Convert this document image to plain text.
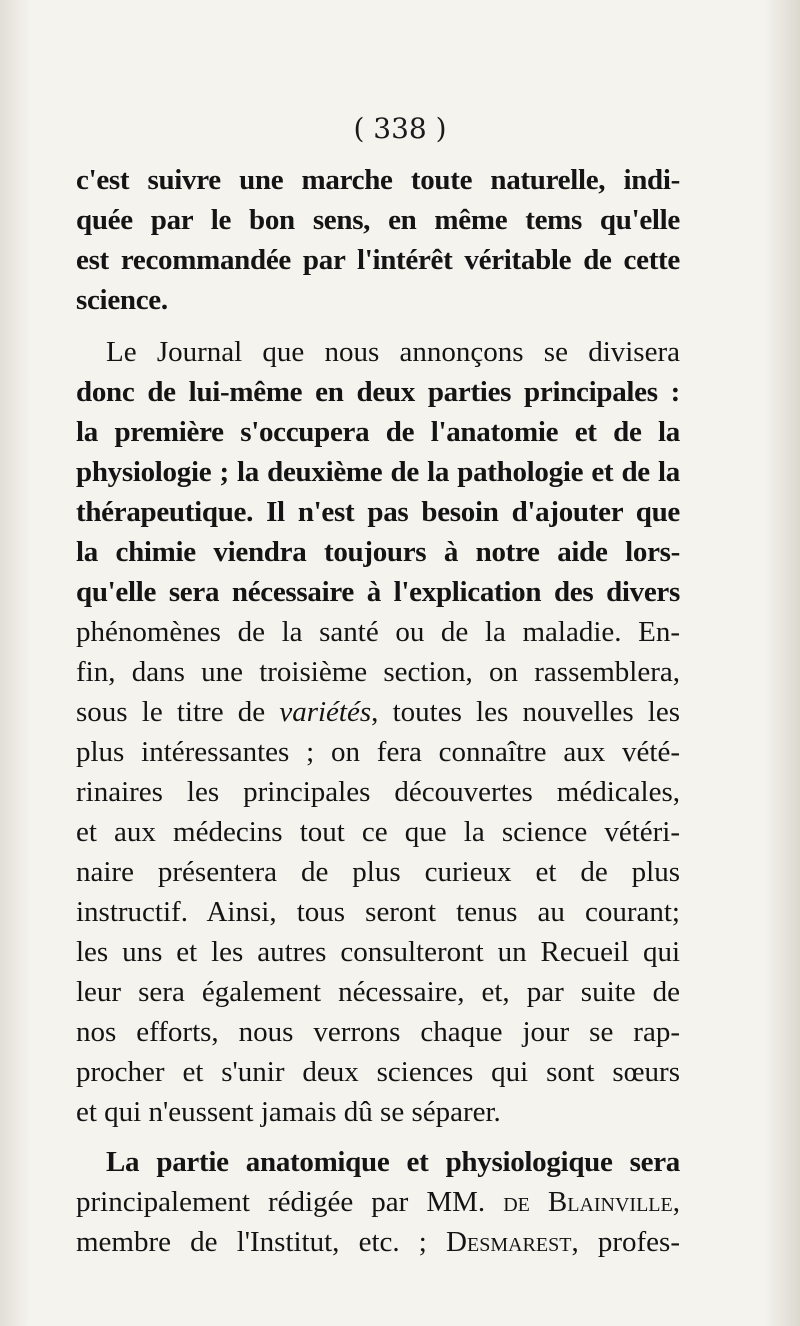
( 338 )
c'est suivre une marche toute naturelle, indi-
quée par le bon sens, en même tems qu'elle
est recommandée par l'intérêt véritable de cette
science.
Le Journal que nous annonçons se divisera
donc de lui-même en deux parties principales :
la première s'occupera de l'anatomie et de la
physiologie ; la deuxième de la pathologie et de la
thérapeutique. Il n'est pas besoin d'ajouter que
la chimie viendra toujours à notre aide lors-
qu'elle sera nécessaire à l'explication des divers
phénomènes de la santé ou de la maladie. En-
fin, dans une troisième section, on rassemblera,
sous le titre de variétés, toutes les nouvelles les
plus intéressantes ; on fera connaître aux vété-
rinaires les principales découvertes médicales,
et aux médecins tout ce que la science vétéri-
naire présentera de plus curieux et de plus
instructif. Ainsi, tous seront tenus au courant;
les uns et les autres consulteront un Recueil qui
leur sera également nécessaire, et, par suite de
nos efforts, nous verrons chaque jour se rap-
procher et s'unir deux sciences qui sont sœurs
et qui n'eussent jamais dû se séparer.
La partie anatomique et physiologique sera
principalement rédigée par MM. de Blainville,
membre de l'Institut, etc. ; Desmarest, profes-
